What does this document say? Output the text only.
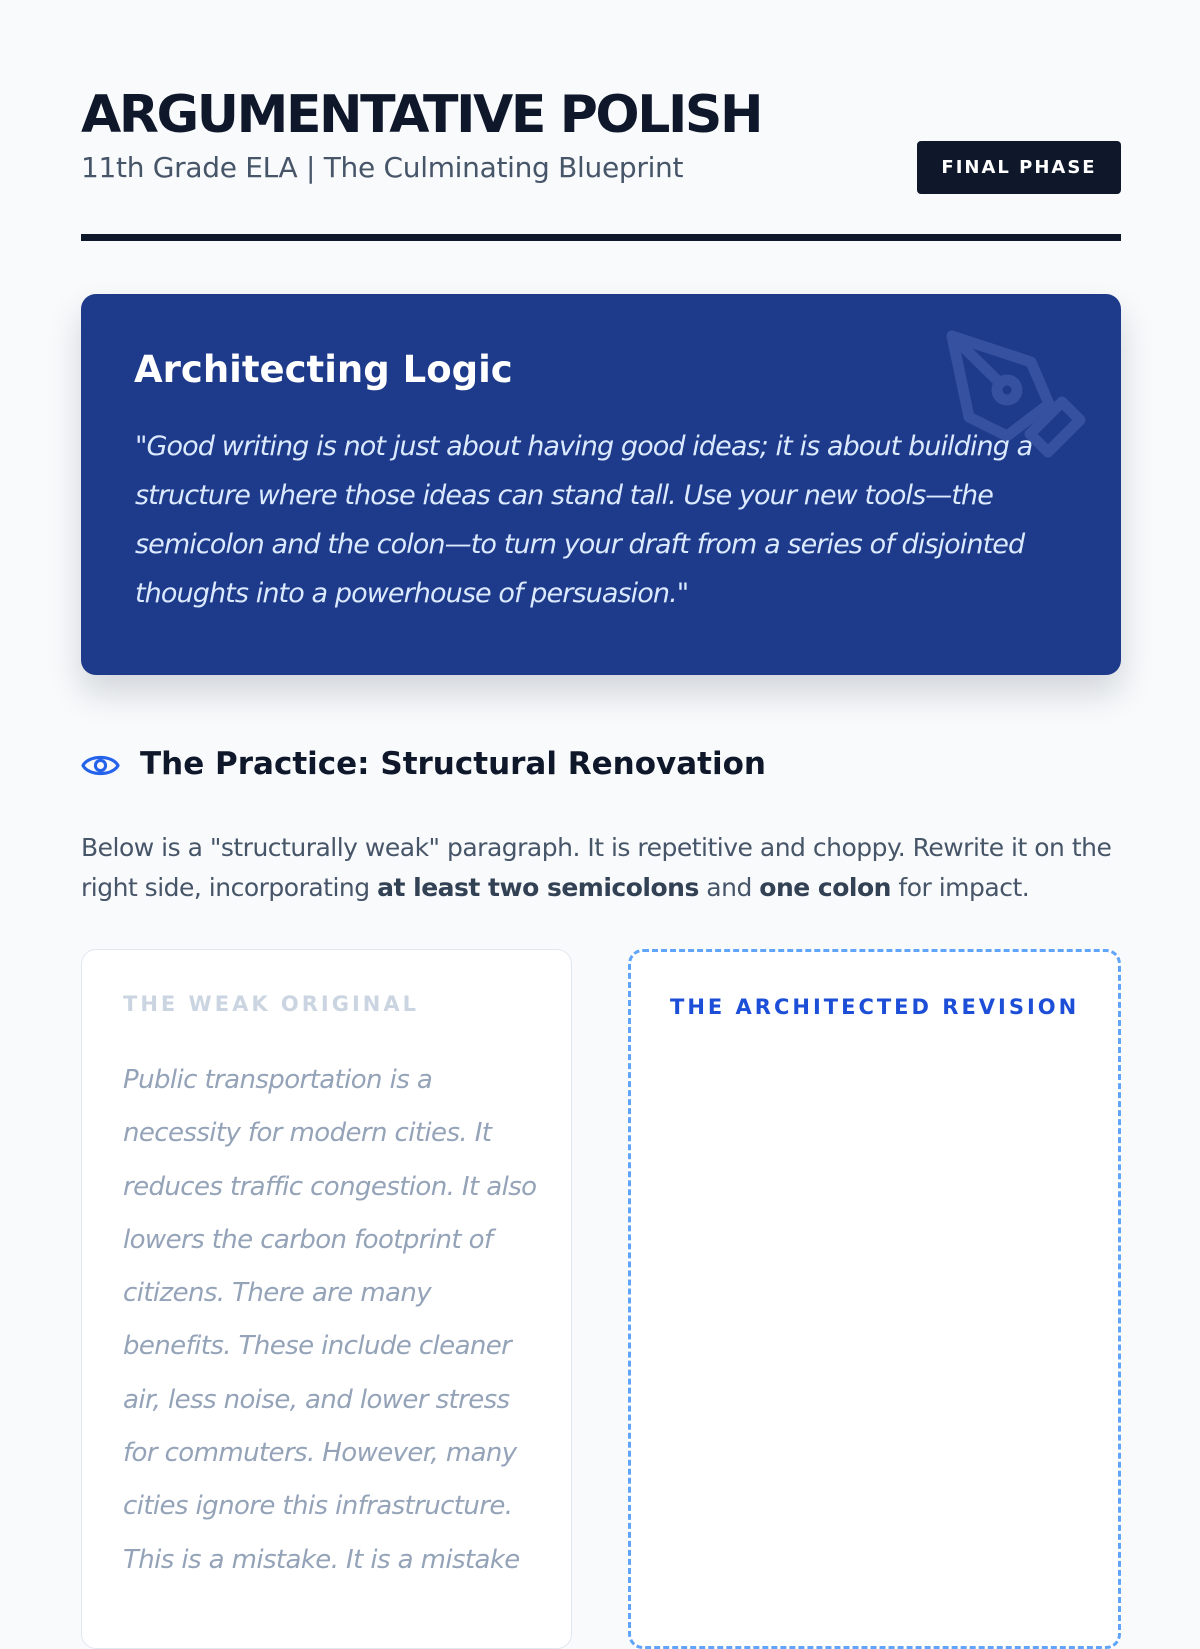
ARGUMENTATIVE POLISH
11th Grade ELA | The Culminating Blueprint	FINAL PHASE
Architecting Logic

"Good writing is not just about having good ideas; it is about building a structure where those ideas can stand tall. Use your new tools—the semicolon and the colon—to turn your draft from a series of disjointed thoughts into a powerhouse of persuasion."

The Practice: Structural Renovation

Below is a "structurally weak" paragraph. It is repetitive and choppy. Rewrite it on the right side, incorporating at least two semicolons and one colon for impact.

THE WEAK ORIGINAL

Public transportation is a necessity for modern cities. It reduces traffic congestion. It also lowers the carbon footprint of citizens. There are many benefits. These include cleaner air, less noise, and lower stress for commuters. However, many cities ignore this infrastructure. This is a mistake. It is a mistake

THE ARCHITECTED REVISION
